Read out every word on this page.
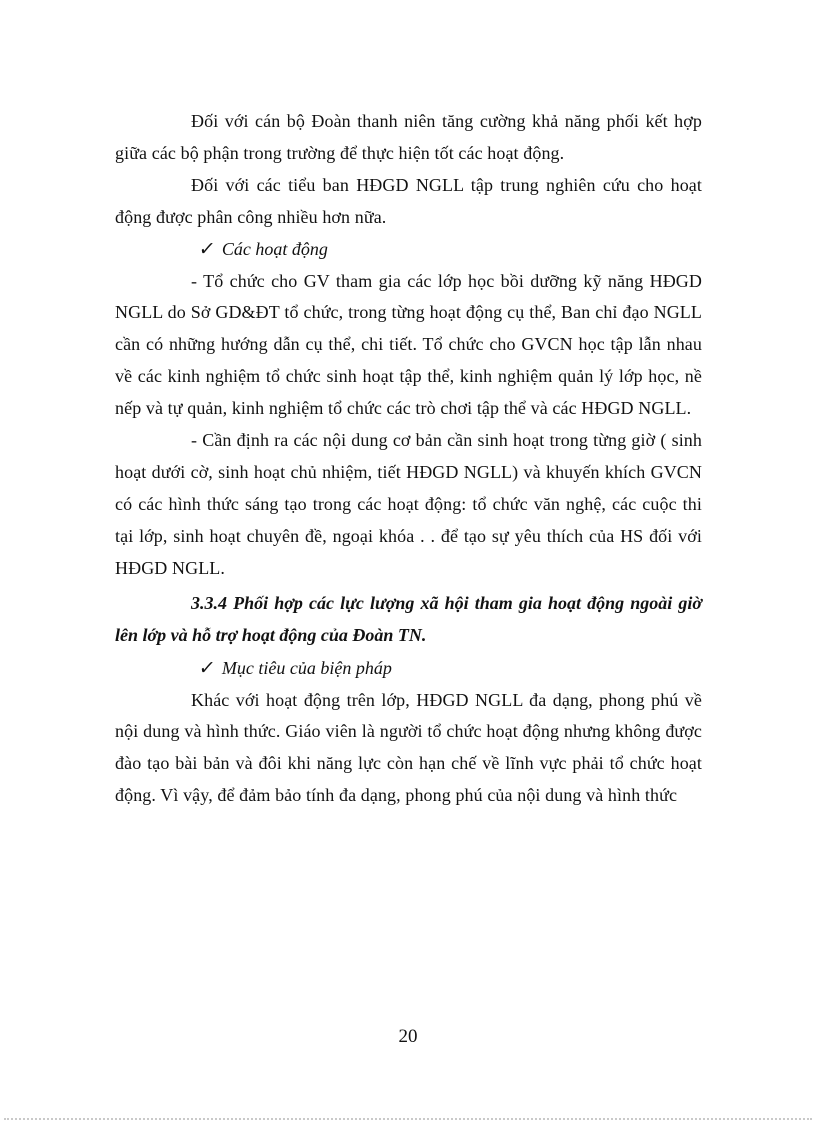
Đối với cán bộ Đoàn thanh niên tăng cường khả năng phối kết hợp giữa các bộ phận trong trường để thực hiện tốt các hoạt động.

Đối với các tiểu ban HĐGD NGLL tập trung nghiên cứu cho hoạt động được phân công nhiều hơn nữa.

✓ Các hoạt động

- Tổ chức cho GV tham gia các lớp học bồi dưỡng kỹ năng HĐGD NGLL do Sở GD&ĐT tổ chức, trong từng hoạt động cụ thể, Ban chỉ đạo NGLL cần có những hướng dẫn cụ thể, chi tiết. Tổ chức cho GVCN học tập lẫn nhau về các kinh nghiệm tổ chức sinh hoạt tập thể, kinh nghiệm quản lý lớp học, nề nếp và tự quản, kinh nghiệm tổ chức các trò chơi tập thể và các HĐGD NGLL.

- Cần định ra các nội dung cơ bản cần sinh hoạt trong từng giờ ( sinh hoạt dưới cờ, sinh hoạt chủ nhiệm, tiết HĐGD NGLL) và khuyến khích GVCN có các hình thức sáng tạo trong các hoạt động: tổ chức văn nghệ, các cuộc thi tại lớp, sinh hoạt chuyên đề, ngoại khóa . . để tạo sự yêu thích của HS đối với HĐGD NGLL.

3.3.4 Phối hợp các lực lượng xã hội tham gia hoạt động ngoài giờ lên lớp và hỗ trợ hoạt động của Đoàn TN.

✓ Mục tiêu của biện pháp

Khác với hoạt động trên lớp, HĐGD NGLL đa dạng, phong phú về nội dung và hình thức. Giáo viên là người tổ chức hoạt động nhưng không được đào tạo bài bản và đôi khi năng lực còn hạn chế về lĩnh vực phải tổ chức hoạt động. Vì vậy, để đảm bảo tính đa dạng, phong phú của nội dung và hình thức

20
